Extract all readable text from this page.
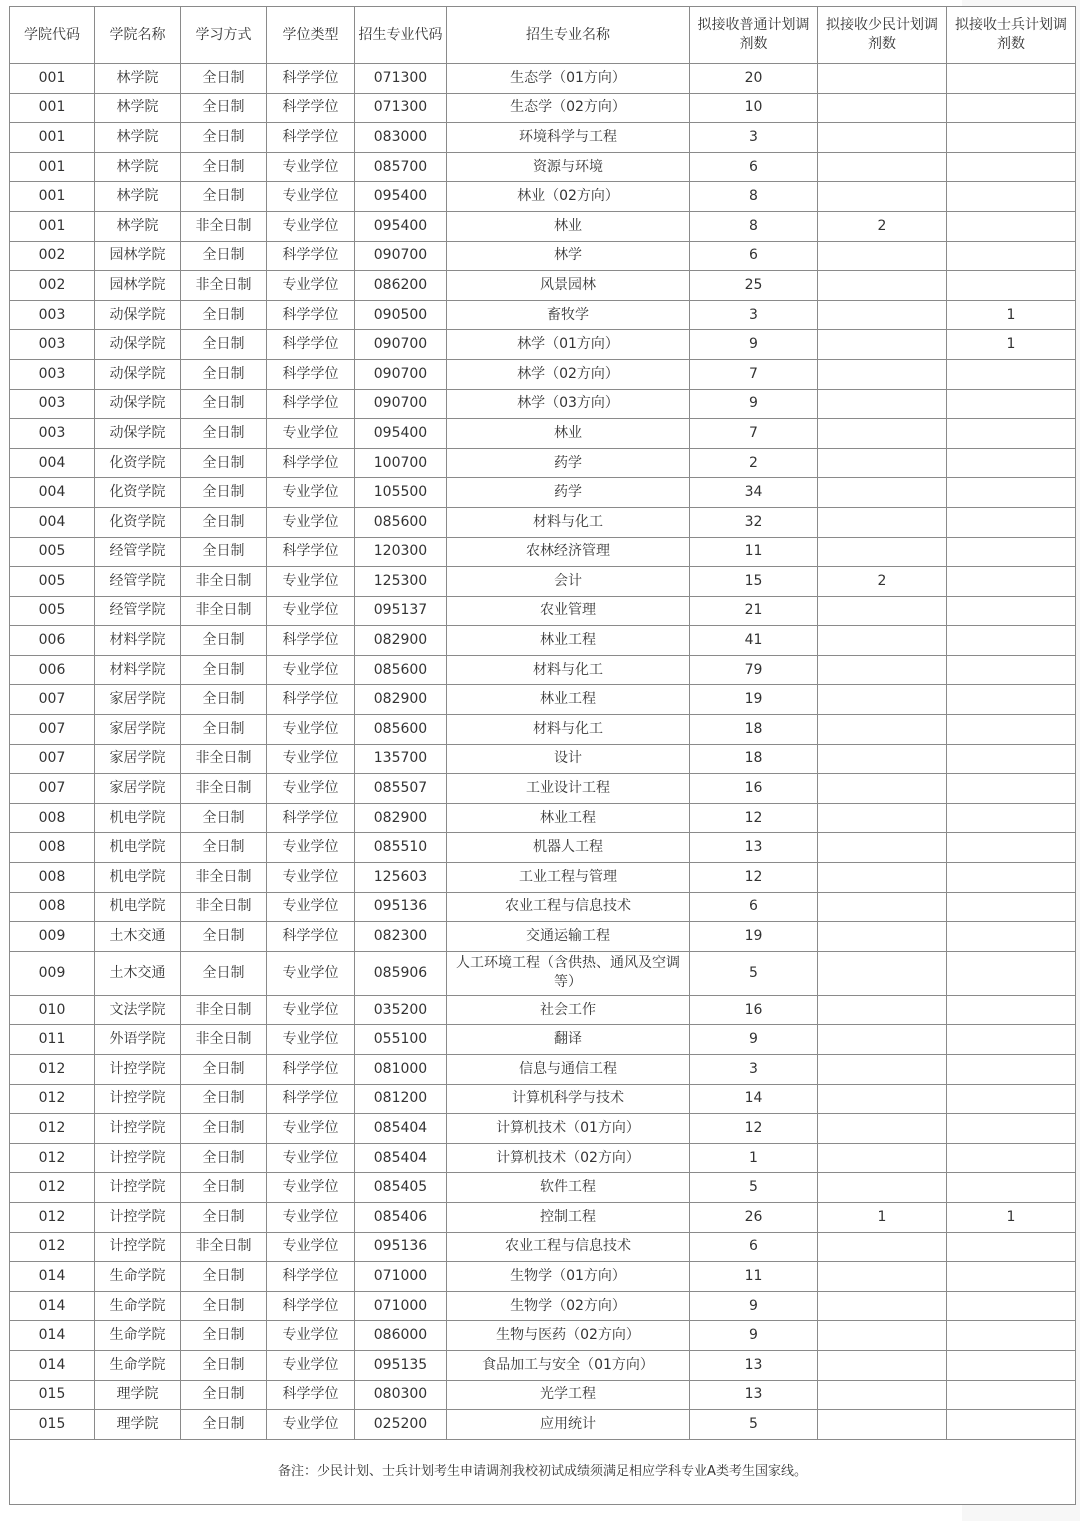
学院代码	学院名称	学习方式	学位类型	招生专业代码	招生专业名称	拟接收普通计划调剂数	拟接收少民计划调剂数	拟接收士兵计划调剂数
001	林学院	全日制	科学学位	071300	生态学（01方向）	20		
001	林学院	全日制	科学学位	071300	生态学（02方向）	10		
001	林学院	全日制	科学学位	083000	环境科学与工程	3		
001	林学院	全日制	专业学位	085700	资源与环境	6		
001	林学院	全日制	专业学位	095400	林业（02方向）	8		
001	林学院	非全日制	专业学位	095400	林业	8	2	
002	园林学院	全日制	科学学位	090700	林学	6		
002	园林学院	非全日制	专业学位	086200	风景园林	25		
003	动保学院	全日制	科学学位	090500	畜牧学	3		1
003	动保学院	全日制	科学学位	090700	林学（01方向）	9		1
003	动保学院	全日制	科学学位	090700	林学（02方向）	7		
003	动保学院	全日制	科学学位	090700	林学（03方向）	9		
003	动保学院	全日制	专业学位	095400	林业	7		
004	化资学院	全日制	科学学位	100700	药学	2		
004	化资学院	全日制	专业学位	105500	药学	34		
004	化资学院	全日制	专业学位	085600	材料与化工	32		
005	经管学院	全日制	科学学位	120300	农林经济管理	11		
005	经管学院	非全日制	专业学位	125300	会计	15	2	
005	经管学院	非全日制	专业学位	095137	农业管理	21		
006	材料学院	全日制	科学学位	082900	林业工程	41		
006	材料学院	全日制	专业学位	085600	材料与化工	79		
007	家居学院	全日制	科学学位	082900	林业工程	19		
007	家居学院	全日制	专业学位	085600	材料与化工	18		
007	家居学院	非全日制	专业学位	135700	设计	18		
007	家居学院	非全日制	专业学位	085507	工业设计工程	16		
008	机电学院	全日制	科学学位	082900	林业工程	12		
008	机电学院	全日制	专业学位	085510	机器人工程	13		
008	机电学院	非全日制	专业学位	125603	工业工程与管理	12		
008	机电学院	非全日制	专业学位	095136	农业工程与信息技术	6		
009	土木交通	全日制	科学学位	082300	交通运输工程	19		
009	土木交通	全日制	专业学位	085906	人工环境工程（含供热、通风及空调等）	5		
010	文法学院	非全日制	专业学位	035200	社会工作	16		
011	外语学院	非全日制	专业学位	055100	翻译	9		
012	计控学院	全日制	科学学位	081000	信息与通信工程	3		
012	计控学院	全日制	科学学位	081200	计算机科学与技术	14		
012	计控学院	全日制	专业学位	085404	计算机技术（01方向）	12		
012	计控学院	全日制	专业学位	085404	计算机技术（02方向）	1		
012	计控学院	全日制	专业学位	085405	软件工程	5		
012	计控学院	全日制	专业学位	085406	控制工程	26	1	1
012	计控学院	非全日制	专业学位	095136	农业工程与信息技术	6		
014	生命学院	全日制	科学学位	071000	生物学（01方向）	11		
014	生命学院	全日制	科学学位	071000	生物学（02方向）	9		
014	生命学院	全日制	专业学位	086000	生物与医药（02方向）	9		
014	生命学院	全日制	专业学位	095135	食品加工与安全（01方向）	13		
015	理学院	全日制	科学学位	080300	光学工程	13		
015	理学院	全日制	专业学位	025200	应用统计	5		
备注：少民计划、士兵计划考生申请调剂我校初试成绩须满足相应学科专业A类考生国家线。								
